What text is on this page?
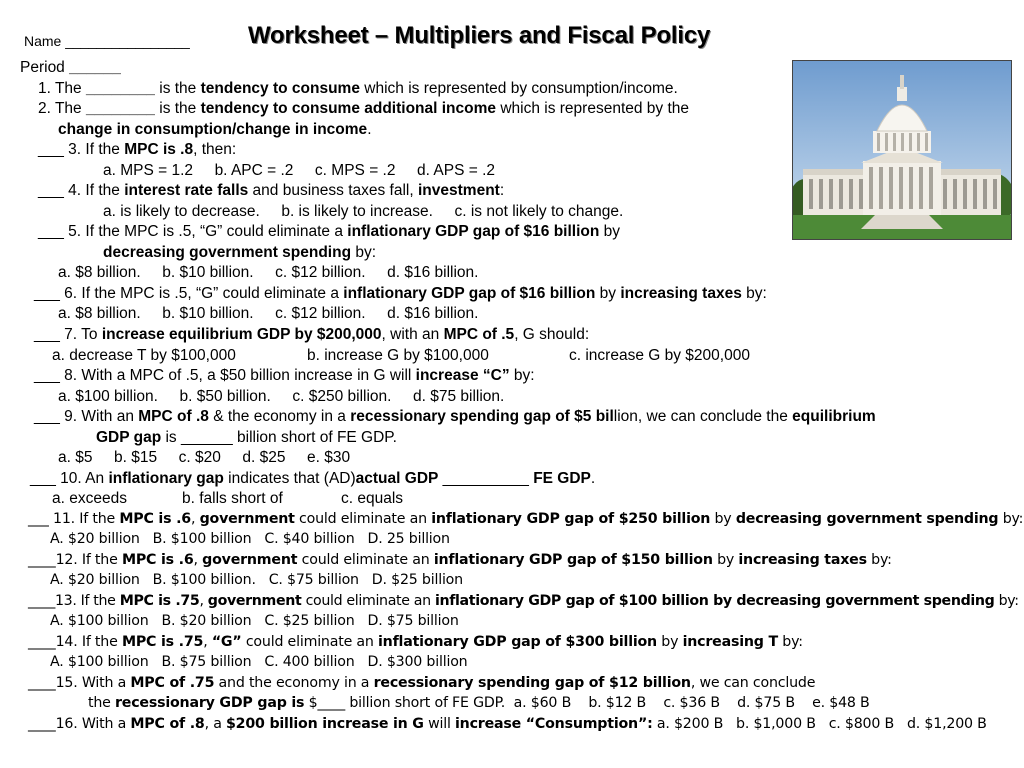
Name ________________ Worksheet – Multipliers and Fiscal Policy
Period ______
1. The ________ is the tendency to consume which is represented by consumption/income.
2. The ________ is the tendency to consume additional income which is represented by the
change in consumption/change in income.
___ 3. If the MPC is .8, then:
a. MPS = 1.2     b. APC = .2     c. MPS = .2     d. APS = .2
___ 4. If the interest rate falls and business taxes fall, investment:
a. is likely to decrease.     b. is likely to increase.     c. is not likely to change.
___ 5. If the MPC is .5, “G” could eliminate a inflationary GDP gap of $16 billion by
decreasing government spending by:
a. $8 billion.     b. $10 billion.     c. $12 billion.     d. $16 billion.
___ 6. If the MPC is .5, “G” could eliminate a inflationary GDP gap of $16 billion by increasing taxes by:
a. $8 billion.     b. $10 billion.     c. $12 billion.     d. $16 billion.
___ 7. To increase equilibrium GDP by $200,000, with an MPC of .5, G should:
a. decrease T by $100,000	b. increase G by $100,000	c. increase G by $200,000
___ 8. With a MPC of .5, a $50 billion increase in G will increase “C” by:
a. $100 billion.     b. $50 billion.     c. $250 billion.     d. $75 billion.
___ 9. With an MPC of .8 & the economy in a recessionary spending gap of $5 billion, we can conclude the equilibrium
GDP gap is ______ billion short of FE GDP.
a. $5     b. $15     c. $20     d. $25     e. $30
___ 10. An inflationary gap indicates that (AD)actual GDP __________ FE GDP.
a. exceeds	b. falls short of	c. equals
___ 11. If the MPC is .6, government could eliminate an inflationary GDP gap of $250 billion by decreasing government spending by:
A. $20 billion   B. $100 billion   C. $40 billion   D. 25 billion
____12. If the MPC is .6, government could eliminate an inflationary GDP gap of $150 billion by increasing taxes by:
A. $20 billion   B. $100 billion.   C. $75 billion   D. $25 billion
____13. If the MPC is .75, government could eliminate an inflationary GDP gap of $100 billion by decreasing government spending by:
A. $100 billion   B. $20 billion   C. $25 billion   D. $75 billion
____14. If the MPC is .75, “G” could eliminate an inflationary GDP gap of $300 billion by increasing T by:
A. $100 billion   B. $75 billion   C. 400 billion   D. $300 billion
____15. With a MPC of .75 and the economy in a recessionary spending gap of $12 billion, we can conclude
the recessionary GDP gap is $____ billion short of FE GDP.  a. $60 B    b. $12 B    c. $36 B    d. $75 B    e. $48 B
____16. With a MPC of .8, a $200 billion increase in G will increase “Consumption”: a. $200 B   b. $1,000 B   c. $800 B   d. $1,200 B
